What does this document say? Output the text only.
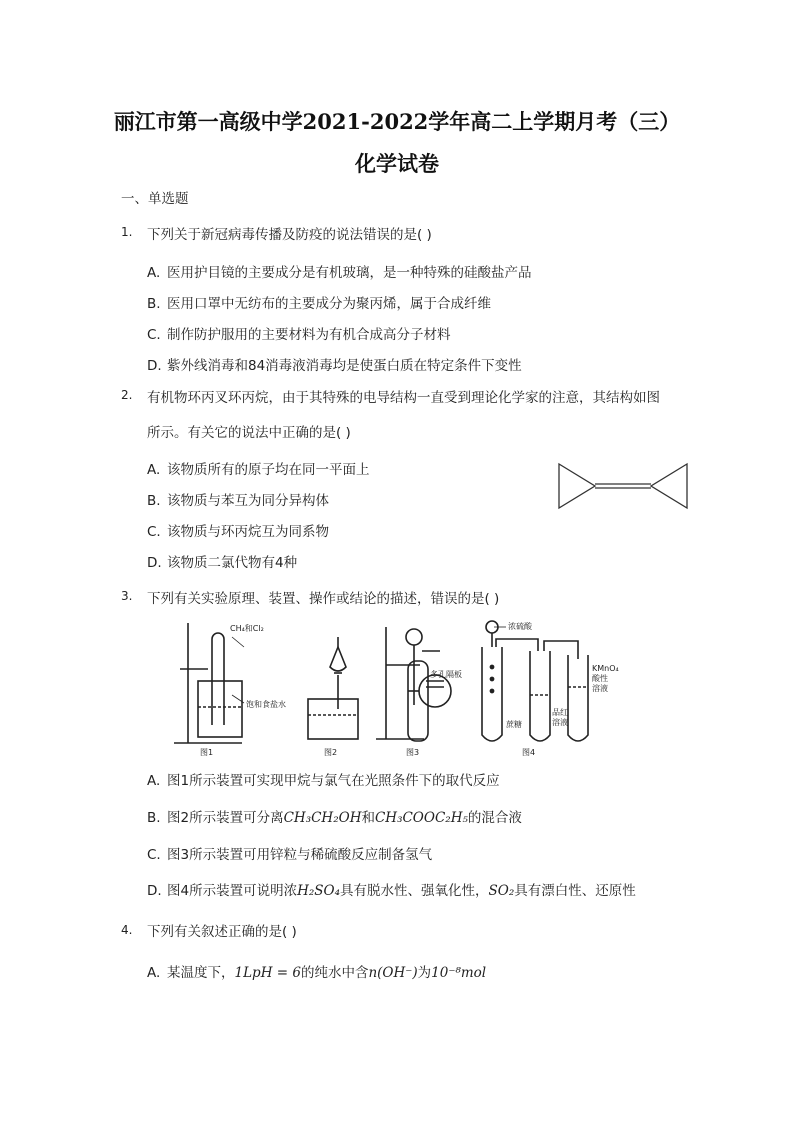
丽江市第一高级中学2021-2022学年高二上学期月考（三）
化学试卷
一、单选题
1. 下列关于新冠病毒传播及防疫的说法错误的是( )
A. 医用护目镜的主要成分是有机玻璃，是一种特殊的硅酸盐产品
B. 医用口罩中无纺布的主要成分为聚丙烯，属于合成纤维
C. 制作防护服用的主要材料为有机合成高分子材料
D. 紫外线消毒和84消毒液消毒均是使蛋白质在特定条件下变性
2. 有机物环丙叉环丙烷，由于其特殊的电导结构一直受到理论化学家的注意，其结构如图
所示。有关它的说法中正确的是( )
A. 该物质所有的原子均在同一平面上
B. 该物质与苯互为同分异构体
C. 该物质与环丙烷互为同系物
D. 该物质二氯代物有4种
3. 下列有关实验原理、装置、操作或结论的描述，错误的是( )
CH₄和Cl₂
饱和食盐水
图1	图2
多孔隔板
图3
浓硫酸
蔗糖
品红
溶液
KMnO₄
酸性
溶液
图4
A. 图1所示装置可实现甲烷与氯气在光照条件下的取代反应
B. 图2所示装置可分离CH₃CH₂OH和CH₃COOC₂H₅的混合液
C. 图3所示装置可用锌粒与稀硫酸反应制备氢气
D. 图4所示装置可说明浓H₂SO₄具有脱水性、强氧化性，SO₂具有漂白性、还原性
4. 下列有关叙述正确的是( )
A. 某温度下，1LpH = 6的纯水中含n(OH⁻)为10⁻⁸mol
